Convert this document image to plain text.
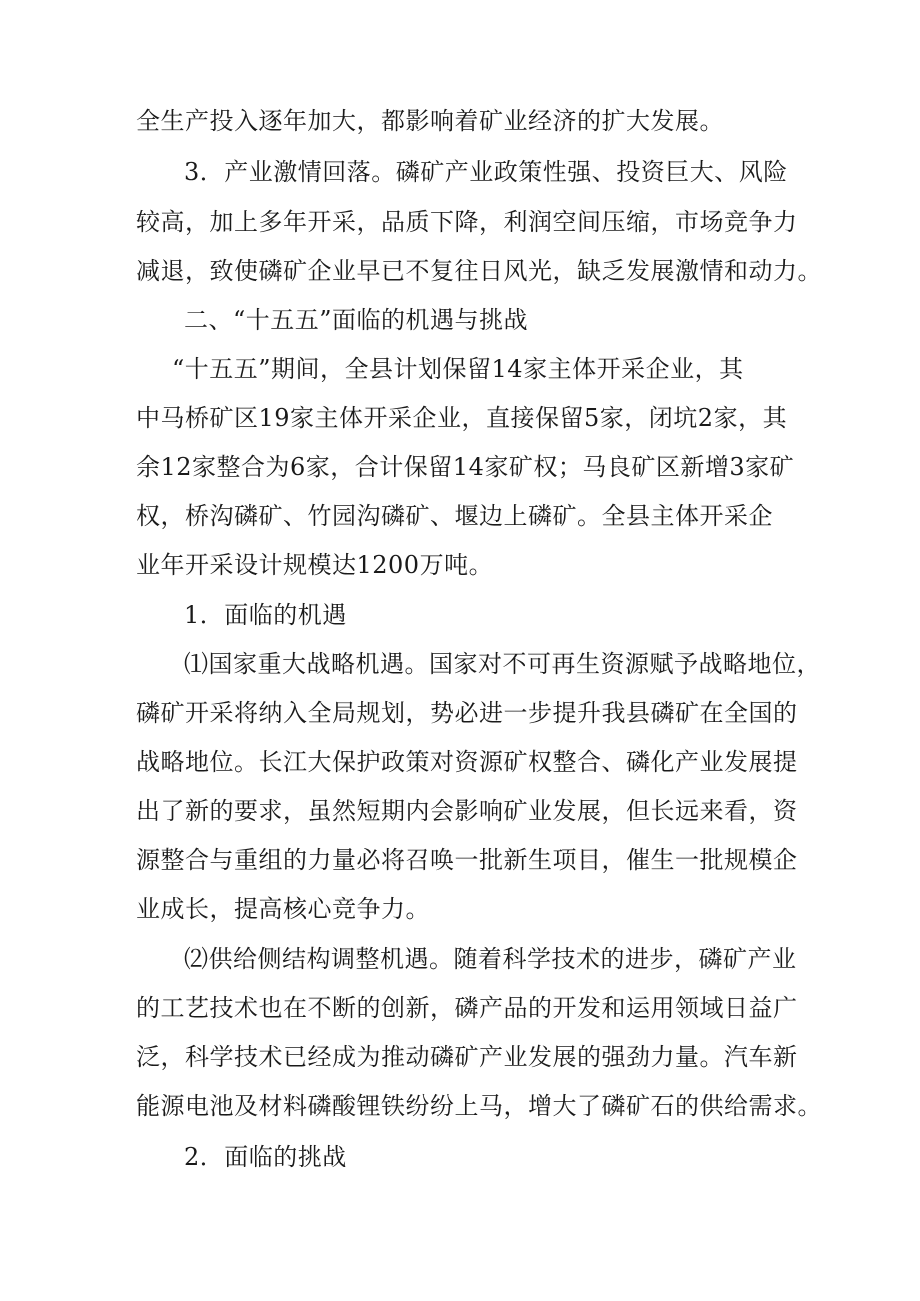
全生产投入逐年加大，都影响着矿业经济的扩大发展。
3．产业激情回落。磷矿产业政策性强、投资巨大、风险
较高，加上多年开采，品质下降，利润空间压缩，市场竞争力
减退，致使磷矿企业早已不复往日风光，缺乏发展激情和动力。
二、“十五五”面临的机遇与挑战
“十五五”期间，全县计划保留14家主体开采企业，其
中马桥矿区19家主体开采企业，直接保留5家，闭坑2家，其
余12家整合为6家，合计保留14家矿权；马良矿区新增3家矿
权，桥沟磷矿、竹园沟磷矿、堰边上磷矿。全县主体开采企
业年开采设计规模达1200万吨。
1．面临的机遇
⑴国家重大战略机遇。国家对不可再生资源赋予战略地位，
磷矿开采将纳入全局规划，势必进一步提升我县磷矿在全国的
战略地位。长江大保护政策对资源矿权整合、磷化产业发展提
出了新的要求，虽然短期内会影响矿业发展，但长远来看，资
源整合与重组的力量必将召唤一批新生项目，催生一批规模企
业成长，提高核心竞争力。
⑵供给侧结构调整机遇。随着科学技术的进步，磷矿产业
的工艺技术也在不断的创新，磷产品的开发和运用领域日益广
泛，科学技术已经成为推动磷矿产业发展的强劲力量。汽车新
能源电池及材料磷酸锂铁纷纷上马，增大了磷矿石的供给需求。
2．面临的挑战
